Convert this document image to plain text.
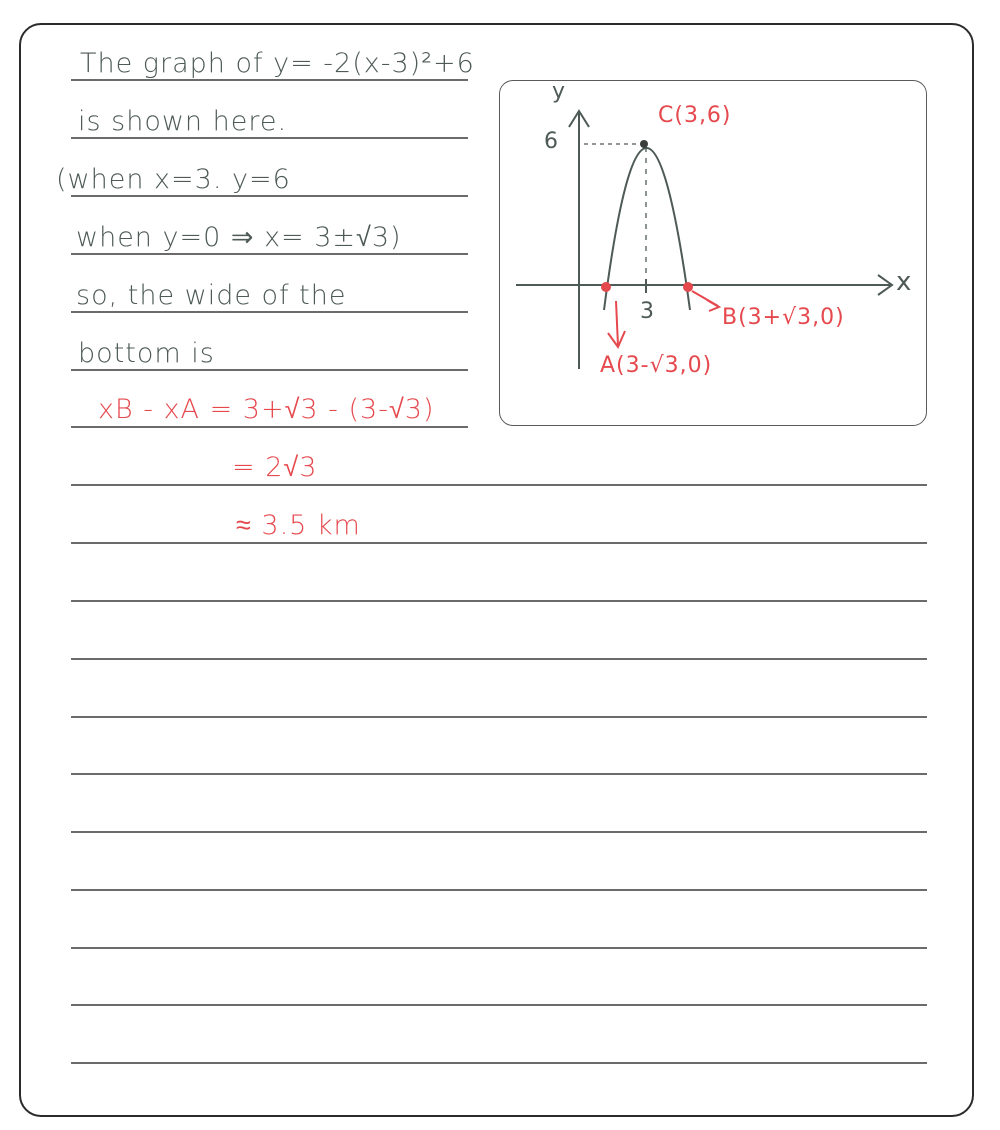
The graph of y= -2(x-3)²+6
is shown here.
(when x=3. y=6
when y=0 ⇒ x= 3±√3)
so, the wide of the
bottom is
xB - xA = 3+√3 - (3-√3)
= 2√3
≈ 3.5 km
y
x
6
3
C(3,6)
B(3+√3,0)
A(3-√3,0)
